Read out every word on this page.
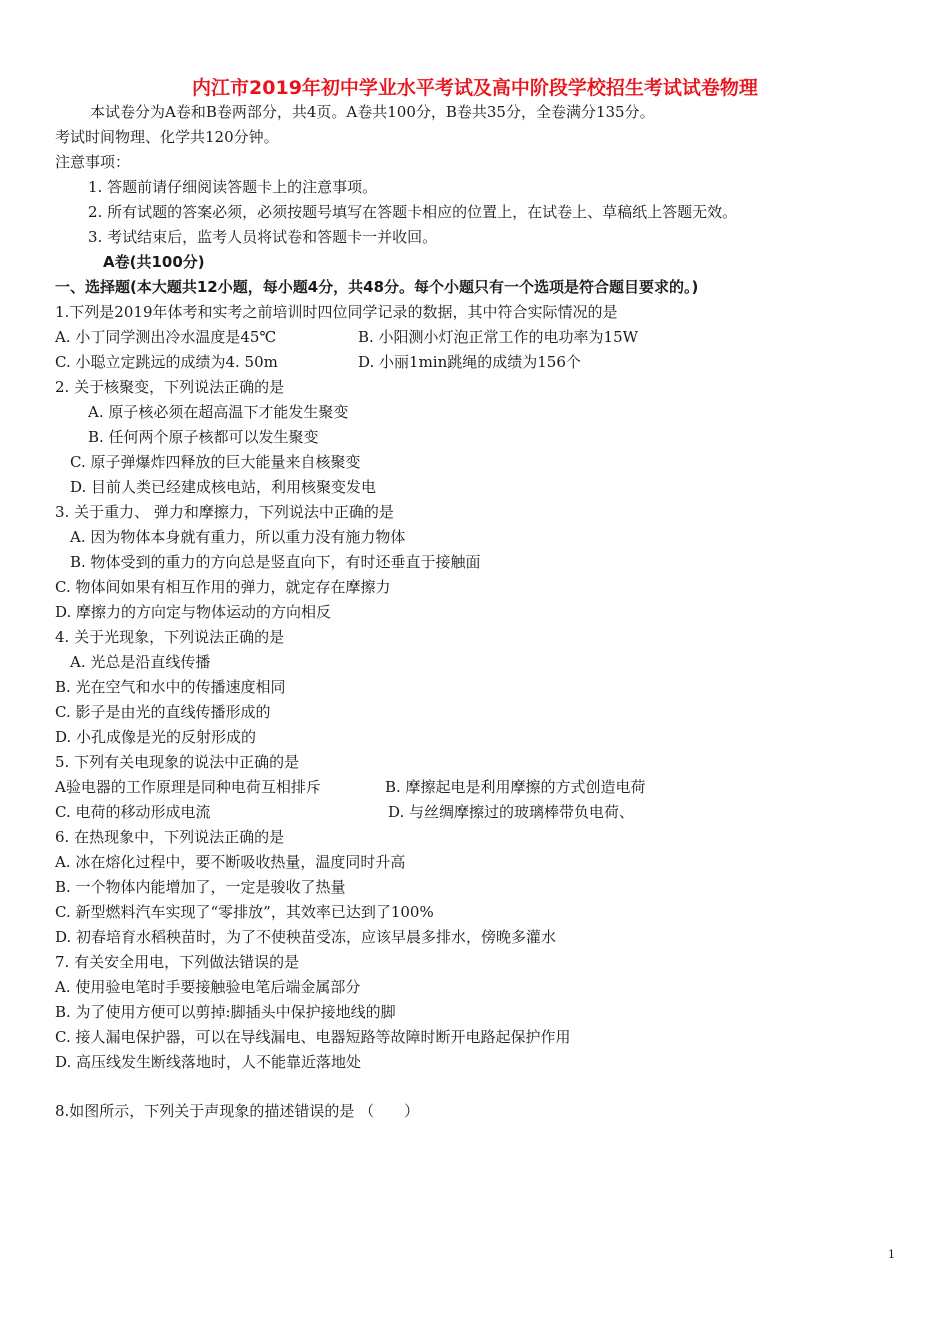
内江市2019年初中学业水平考试及高中阶段学校招生考试试卷物理
本试卷分为A卷和B卷两部分，共4页。A卷共100分，B卷共35分，全卷满分135分。
考试时间物理、化学共120分钟。
注意事项：
1. 答题前请仔细阅读答题卡上的注意事项。
2. 所有试题的答案必须，必须按题号填写在答题卡相应的位置上，在试卷上、草稿纸上答题无效。
3. 考试结束后，监考人员将试卷和答题卡一并收回。
A卷(共100分)
一、选择题(本大题共12小题，每小题4分，共48分。每个小题只有一个选项是符合题目要求的。)
1.下列是2019年体考和实考之前培训时四位同学记录的数据，其中符合实际情况的是
A. 小丁同学测出冷水温度是45℃	B. 小阳测小灯泡正常工作的电功率为15W
C. 小聪立定跳远的成绩为4. 50m	D. 小丽1min跳绳的成绩为156个
2. 关于核聚变，下列说法正确的是
A. 原子核必须在超高温下才能发生聚变
B. 任何两个原子核都可以发生聚变
C. 原子弹爆炸四释放的巨大能量来自核聚变
D. 目前人类已经建成核电站，利用核聚变发电
3. 关于重力、 弹力和摩擦力，下列说法中正确的是
A. 因为物体本身就有重力，所以重力没有施力物体
B. 物体受到的重力的方向总是竖直向下，有时还垂直于接触面
C. 物体间如果有相互作用的弹力，就定存在摩擦力
D. 摩擦力的方向定与物体运动的方向相反
4. 关于光现象，下列说法正确的是
A. 光总是沿直线传播
B. 光在空气和水中的传播速度相同
C. 影子是由光的直线传播形成的
D. 小孔成像是光的反射形成的
5. 下列有关电现象的说法中正确的是
A验电器的工作原理是同种电荷互相排斥	B. 摩擦起电是利用摩擦的方式创造电荷
C. 电荷的移动形成电流	D. 与丝绸摩擦过的玻璃棒带负电荷、
6. 在热现象中，下列说法正确的是
A. 冰在熔化过程中，要不断吸收热量，温度同时升高
B. 一个物体内能增加了，一定是骏收了热量
C. 新型燃料汽车实现了“零排放”，其效率已达到了100%
D. 初春培育水稻秧苗时，为了不使秧苗受冻，应该早晨多排水，傍晚多灌水
7. 有关安全用电，下列做法错误的是
A. 使用验电笔时手要接触验电笔后端金属部分
B. 为了使用方便可以剪掉:脚插头中保护接地线的脚
C. 接人漏电保护器，可以在导线漏电、电器短路等故障时断开电路起保护作用
D. 高压线发生断线落地时，人不能靠近落地处
8.如图所示，下列关于声现象的描述错误的是 （　　）
1
